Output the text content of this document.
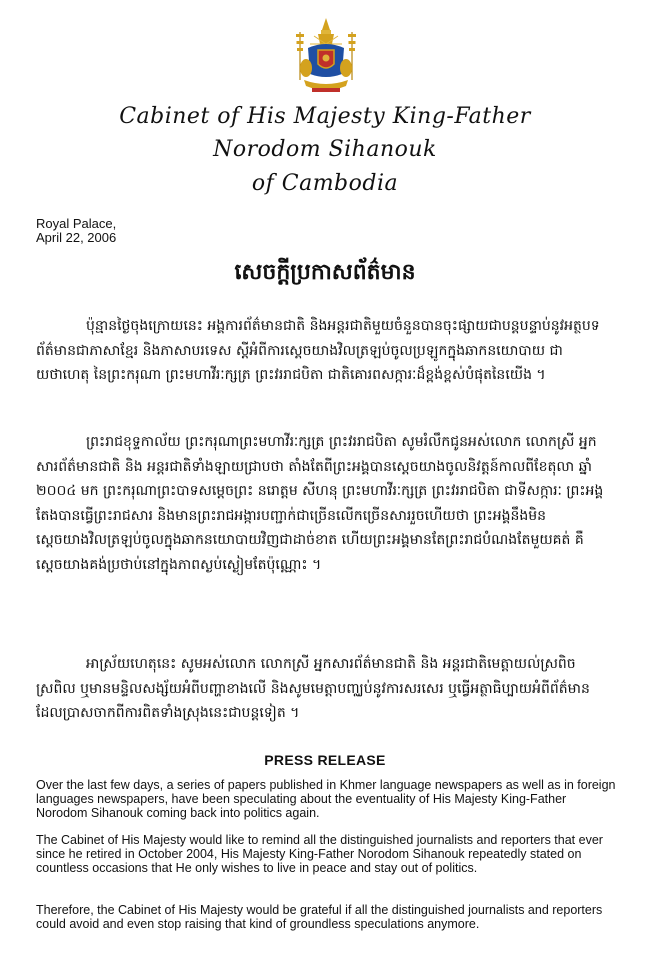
Cabinet of His Majesty King-Father
Norodom Sihanouk
of Cambodia
Royal Palace,
April 22, 2006
សេចក្តីប្រកាសព័ត៌មាន

ប៉ុន្មានថ្ងៃចុងក្រោយនេះ អង្គការព័ត៌មានជាតិ និងអន្តរជាតិមួយចំនួនបានចុះផ្សាយជាបន្តបន្ទាប់នូវអត្ថបទព័ត៌មានជាភាសាខ្មែរ និងភាសាបរទេស ស្តីអំពីការស្តេចយាងវិលត្រឡប់ចូលប្រឡូកក្នុងឆាកនយោបាយ ជាយថាហេតុ នៃព្រះករុណា ព្រះមហាវីរៈក្សត្រ ព្រះវររាជបិតា ជាតិគោរពសក្ការៈដ៏ខ្ពង់ខ្ពស់បំផុតនៃយើង ។

ព្រះរាជខុទ្ទកាល័យ ព្រះករុណាព្រះមហាវីរៈក្សត្រ ព្រះវររាជបិតា សូមរំលឹកជូនអស់លោក លោកស្រី អ្នកសារព័ត៌មានជាតិ និង អន្តរជាតិទាំងឡាយជ្រាបថា តាំងតែពីព្រះអង្គបានស្តេចយាងចូលនិវត្តន៍កាលពីខែតុលា ឆ្នាំ ២០០៤ មក ព្រះករុណាព្រះបាទសម្តេចព្រះ នរោត្តម សីហនុ ព្រះមហាវីរៈក្សត្រ ព្រះវររាជបិតា ជាទីសក្ការៈ ព្រះអង្គតែងបានធ្វើព្រះរាជសារ និងមានព្រះរាជអង្ការបញ្ជាក់ជាច្រើនលើកច្រើនសាររួចហើយថា ព្រះអង្គនឹងមិនស្តេចយាងវិលត្រឡប់ចូលក្នុងឆាកនយោបាយវិញជាដាច់ខាត ហើយព្រះអង្គមានតែព្រះរាជបំណងតែមួយគត់ គឺស្តេចយាងគង់ប្រថាប់នៅក្នុងភាពស្ងប់ស្ងៀមតែប៉ុណ្ណោះ ។

អាស្រ័យហេតុនេះ សូមអស់លោក លោកស្រី អ្នកសារព័ត៌មានជាតិ និង អន្តរជាតិមេត្តាយល់ស្រពិចស្រពិល ឬមានមន្ទិលសង្ស័យអំពីបញ្ហាខាងលើ និងសូមមេត្តាបញ្ឈប់នូវការសរសេរ ឬធ្វើអត្ថាធិប្បាយអំពីព័ត៌មានដែលប្រាសចាកពីការពិតទាំងស្រុងនេះជាបន្តទៀត ។

PRESS RELEASE

Over the last few days, a series of papers published in Khmer language newspapers as well as in foreign languages newspapers, have been speculating about the eventuality of His Majesty King-Father Norodom Sihanouk coming back into politics again.

The Cabinet of His Majesty would like to remind all the distinguished journalists and reporters that ever since he retired in October 2004, His Majesty King-Father Norodom Sihanouk repeatedly stated on countless occasions that He only wishes to live in peace and stay out of politics.

Therefore, the Cabinet of His Majesty would be grateful if all the distinguished journalists and reporters could avoid and even stop raising that kind of groundless speculations anymore.
